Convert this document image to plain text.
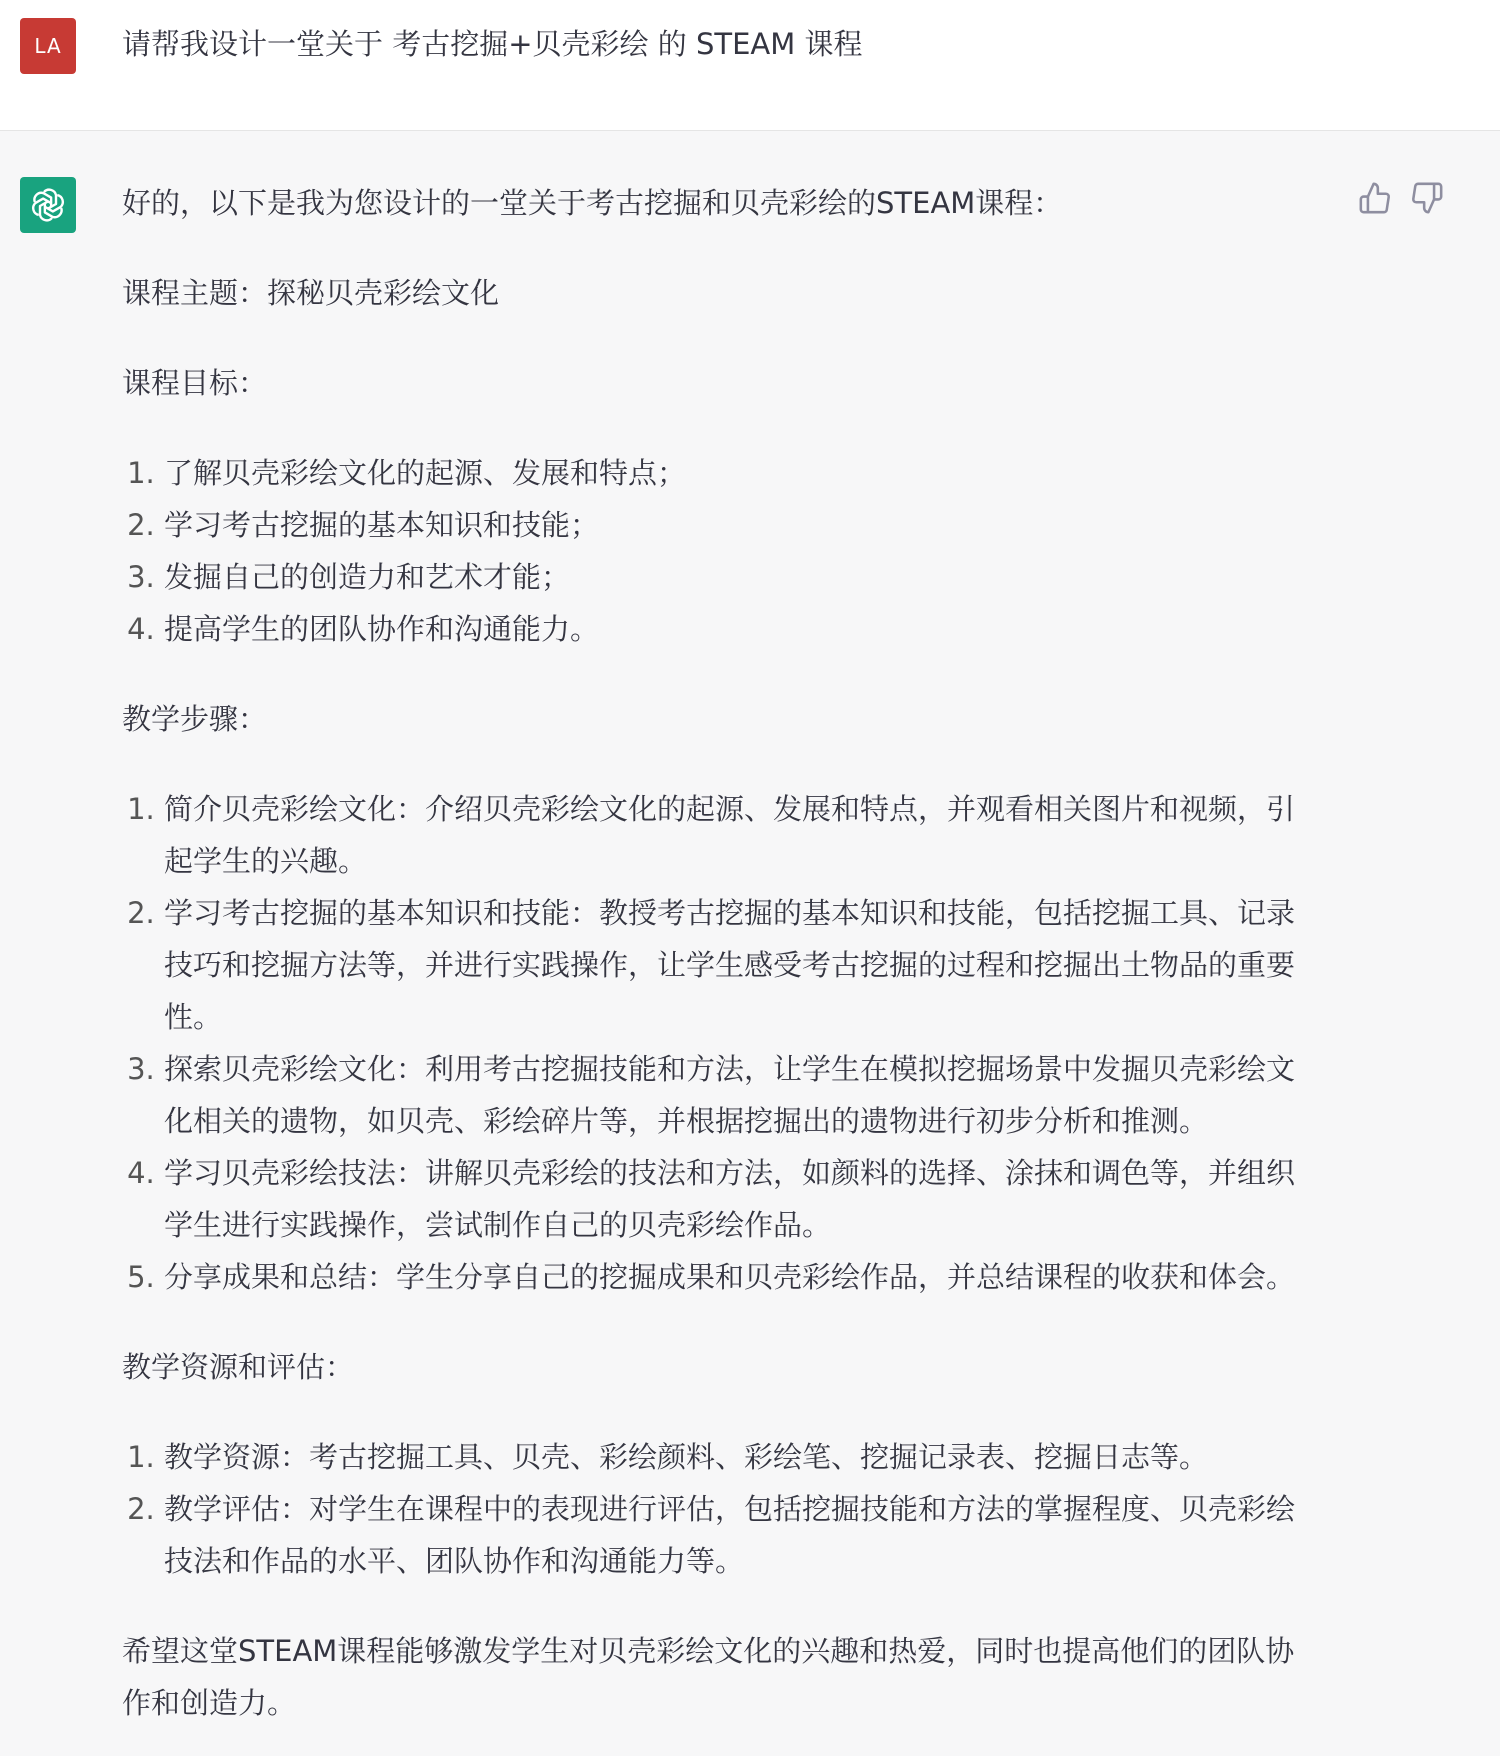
LA	请帮我设计一堂关于 考古挖掘+贝壳彩绘 的 STEAM 课程

好的，以下是我为您设计的一堂关于考古挖掘和贝壳彩绘的STEAM课程：

课程主题：探秘贝壳彩绘文化

课程目标：

1. 了解贝壳彩绘文化的起源、发展和特点；
2. 学习考古挖掘的基本知识和技能；
3. 发掘自己的创造力和艺术才能；
4. 提高学生的团队协作和沟通能力。

教学步骤：

1. 简介贝壳彩绘文化：介绍贝壳彩绘文化的起源、发展和特点，并观看相关图片和视频，引起学生的兴趣。
2. 学习考古挖掘的基本知识和技能：教授考古挖掘的基本知识和技能，包括挖掘工具、记录技巧和挖掘方法等，并进行实践操作，让学生感受考古挖掘的过程和挖掘出土物品的重要性。
3. 探索贝壳彩绘文化：利用考古挖掘技能和方法，让学生在模拟挖掘场景中发掘贝壳彩绘文化相关的遗物，如贝壳、彩绘碎片等，并根据挖掘出的遗物进行初步分析和推测。
4. 学习贝壳彩绘技法：讲解贝壳彩绘的技法和方法，如颜料的选择、涂抹和调色等，并组织学生进行实践操作，尝试制作自己的贝壳彩绘作品。
5. 分享成果和总结：学生分享自己的挖掘成果和贝壳彩绘作品，并总结课程的收获和体会。

教学资源和评估：

1. 教学资源：考古挖掘工具、贝壳、彩绘颜料、彩绘笔、挖掘记录表、挖掘日志等。
2. 教学评估：对学生在课程中的表现进行评估，包括挖掘技能和方法的掌握程度、贝壳彩绘技法和作品的水平、团队协作和沟通能力等。

希望这堂STEAM课程能够激发学生对贝壳彩绘文化的兴趣和热爱，同时也提高他们的团队协作和创造力。
